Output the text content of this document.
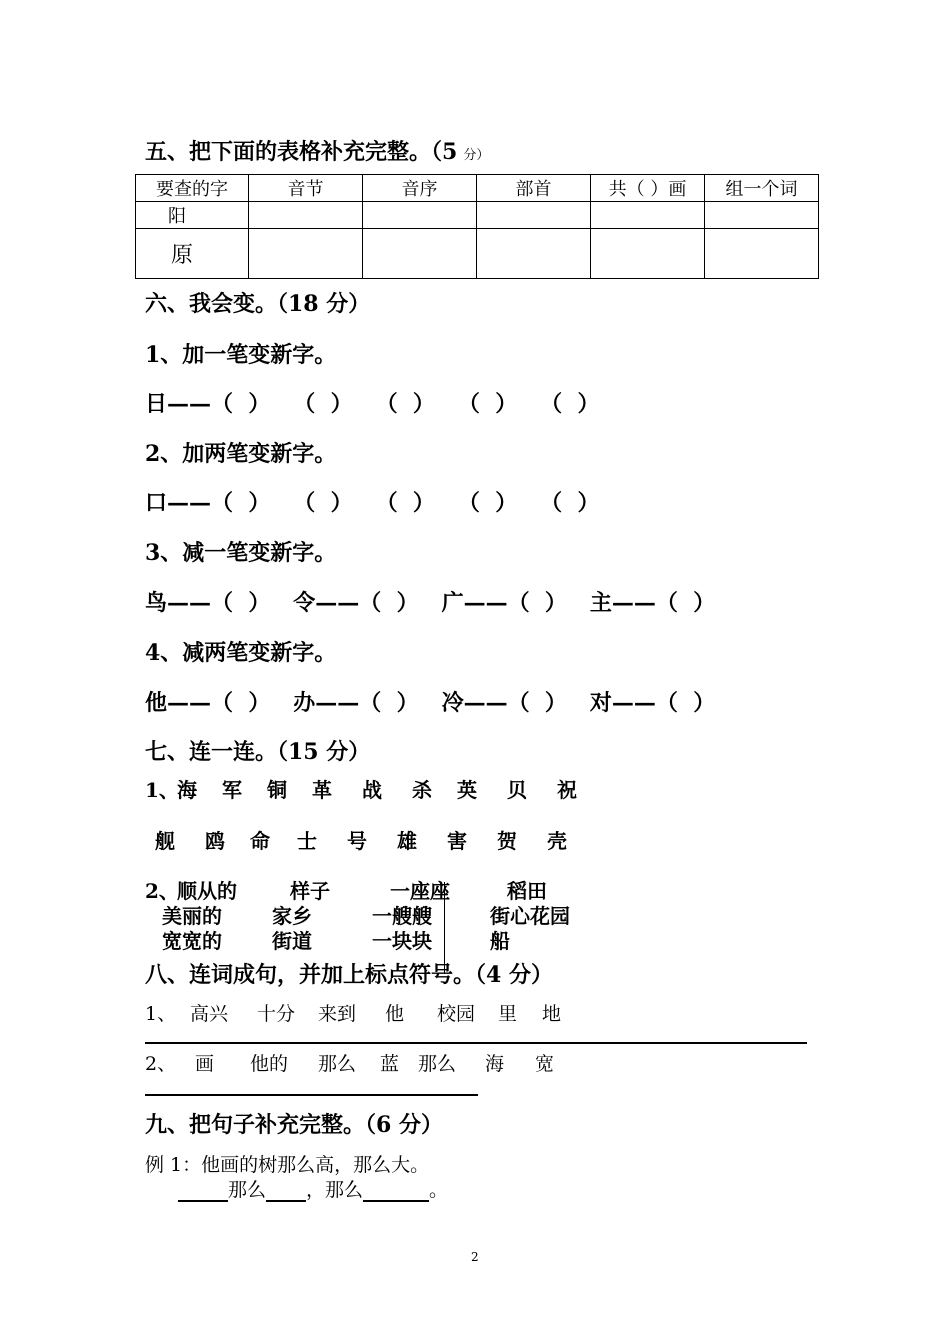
五、把下面的表格补充完整。（5 分）
要查的字	音节	音序	部首	共（ ）画	组一个词
阳					
原					
六、我会变。（18 分）
1、加一笔变新字。
日——（  ）   （  ）   （  ）   （  ）   （  ）
2、加两笔变新字。
口——（  ）   （  ）   （  ）   （  ）   （  ）
3、减一笔变新字。
鸟——（  ）   令——（  ）   广——（  ）   主——（  ）
4、减两笔变新字。
他——（  ）   办——（  ）   冷——（  ）   对——（  ）
七、连一连。（15 分）
1、
海 军 铜 革 战 杀 英 贝 祝
舰 鸥 命 士 号 雄 害 贺 壳
2、
顺从的
美丽的
宽宽的
样子
家乡
街道
一座座
一艘艘
一块块
稻田
街心花园
船
八、连词成句，并加上标点符号。（4 分）
1、 高兴 十分 来到 他 校园 里 地
2、 画 他的 那么 蓝 那么 海 宽
九、把句子补充完整。（6 分）
例 1：他画的树那么高，那么大。
那么 ，那么	。
2
